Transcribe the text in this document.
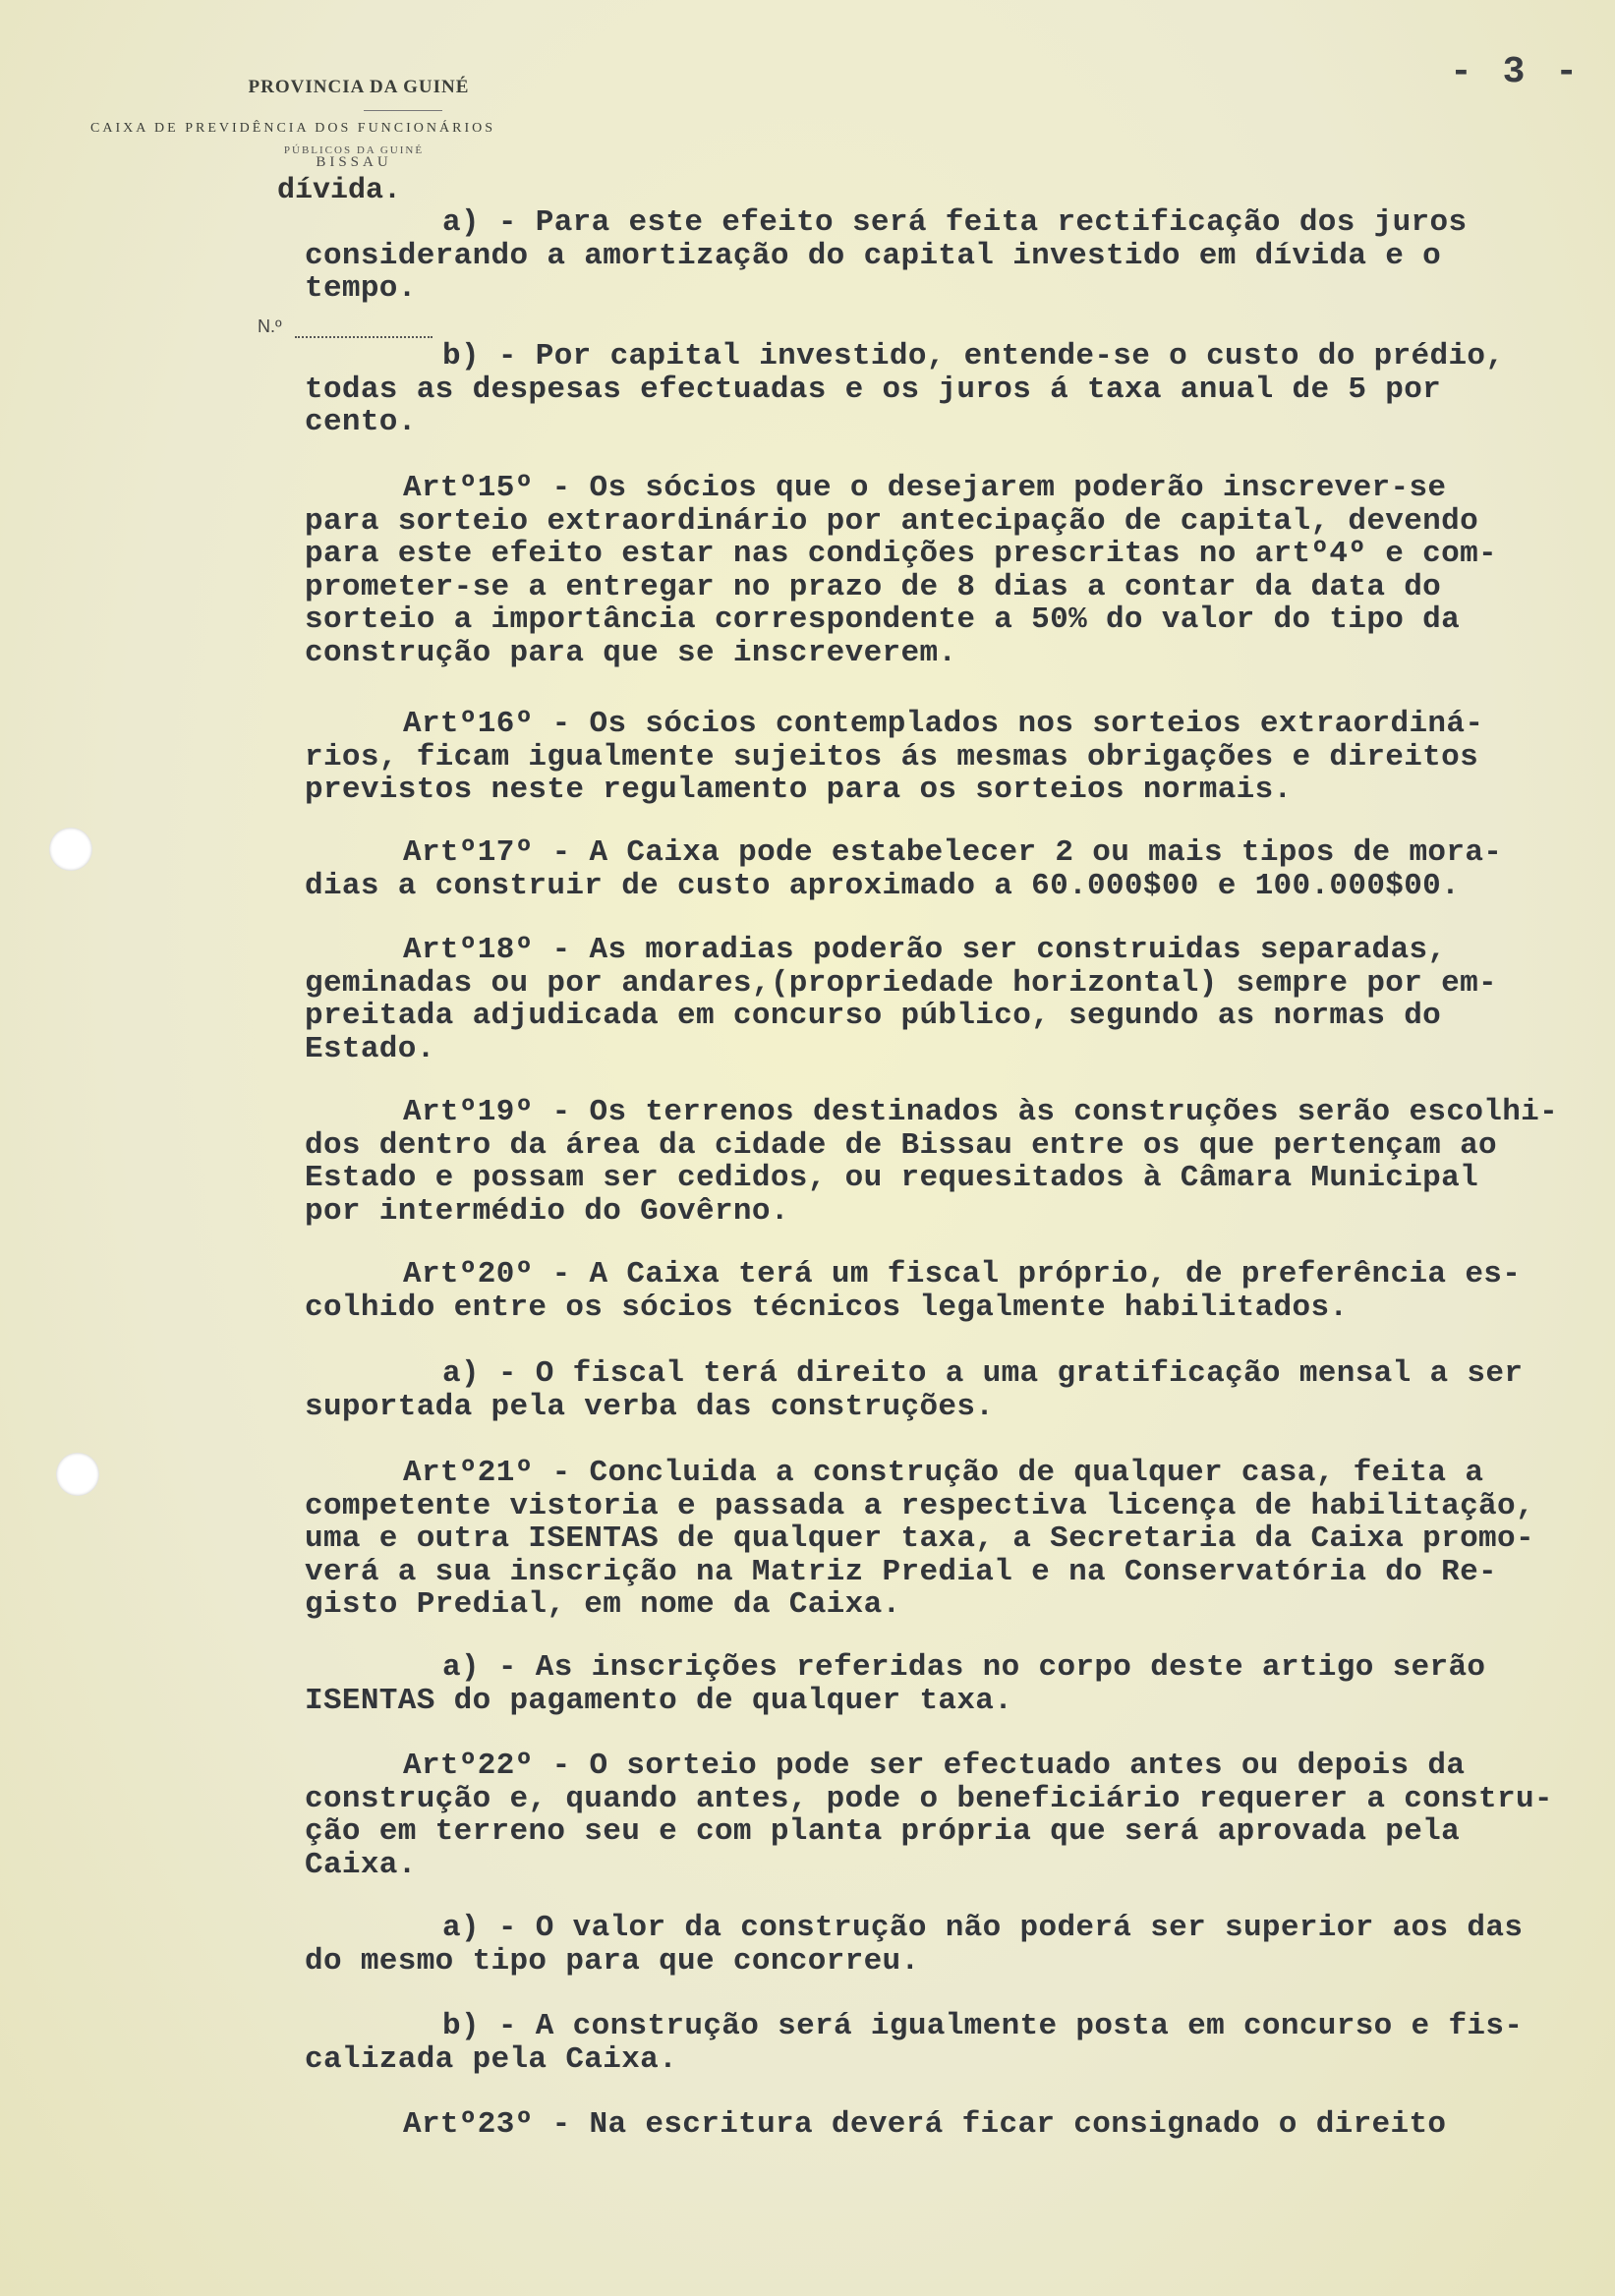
PROVINCIA DA GUINÉ
CAIXA DE PREVIDÊNCIA DOS FUNCIONÁRIOS
PÚBLICOS DA GUINÉ
BISSAU
dívida.
N.º
- 3 -
a) - Para este efeito será feita rectificação dos juros
considerando a amortização do capital investido em dívida e o
tempo.
b) - Por capital investido, entende-se o custo do prédio,
todas as despesas efectuadas e os juros á taxa anual de 5 por
cento.
Artº15º - Os sócios que o desejarem poderão inscrever-se
para sorteio extraordinário por antecipação de capital, devendo
para este efeito estar nas condições prescritas no artº4º e com-
prometer-se a entregar no prazo de 8 dias a contar da data do
sorteio a importância correspondente a 50% do valor do tipo da
construção para que se inscreverem.
Artº16º - Os sócios contemplados nos sorteios extraordiná-
rios, ficam igualmente sujeitos ás mesmas obrigações e direitos
previstos neste regulamento para os sorteios normais.
Artº17º - A Caixa pode estabelecer 2 ou mais tipos de mora-
dias a construir de custo aproximado a 60.000$00 e 100.000$00.
Artº18º - As moradias poderão ser construidas separadas,
geminadas ou por andares,(propriedade horizontal) sempre por em-
preitada adjudicada em concurso público, segundo as normas do
Estado.
Artº19º - Os terrenos destinados às construções serão escolhi-
dos dentro da área da cidade de Bissau entre os que pertençam ao
Estado e possam ser cedidos, ou requesitados à Câmara Municipal
por intermédio do Govêrno.
Artº20º - A Caixa terá um fiscal próprio, de preferência es-
colhido entre os sócios técnicos legalmente habilitados.
a) - O fiscal terá direito a uma gratificação mensal a ser
suportada pela verba das construções.
Artº21º - Concluida a construção de qualquer casa, feita a
competente vistoria e passada a respectiva licença de habilitação,
uma e outra ISENTAS de qualquer taxa, a Secretaria da Caixa promo-
verá a sua inscrição na Matriz Predial e na Conservatória do Re-
gisto Predial, em nome da Caixa.
a) - As inscrições referidas no corpo deste artigo serão
ISENTAS do pagamento de qualquer taxa.
Artº22º - O sorteio pode ser efectuado antes ou depois da
construção e, quando antes, pode o beneficiário requerer a constru-
ção em terreno seu e com planta própria que será aprovada pela
Caixa.
a) - O valor da construção não poderá ser superior aos das
do mesmo tipo para que concorreu.
b) - A construção será igualmente posta em concurso e fis-
calizada pela Caixa.
Artº23º - Na escritura deverá ficar consignado o direito
